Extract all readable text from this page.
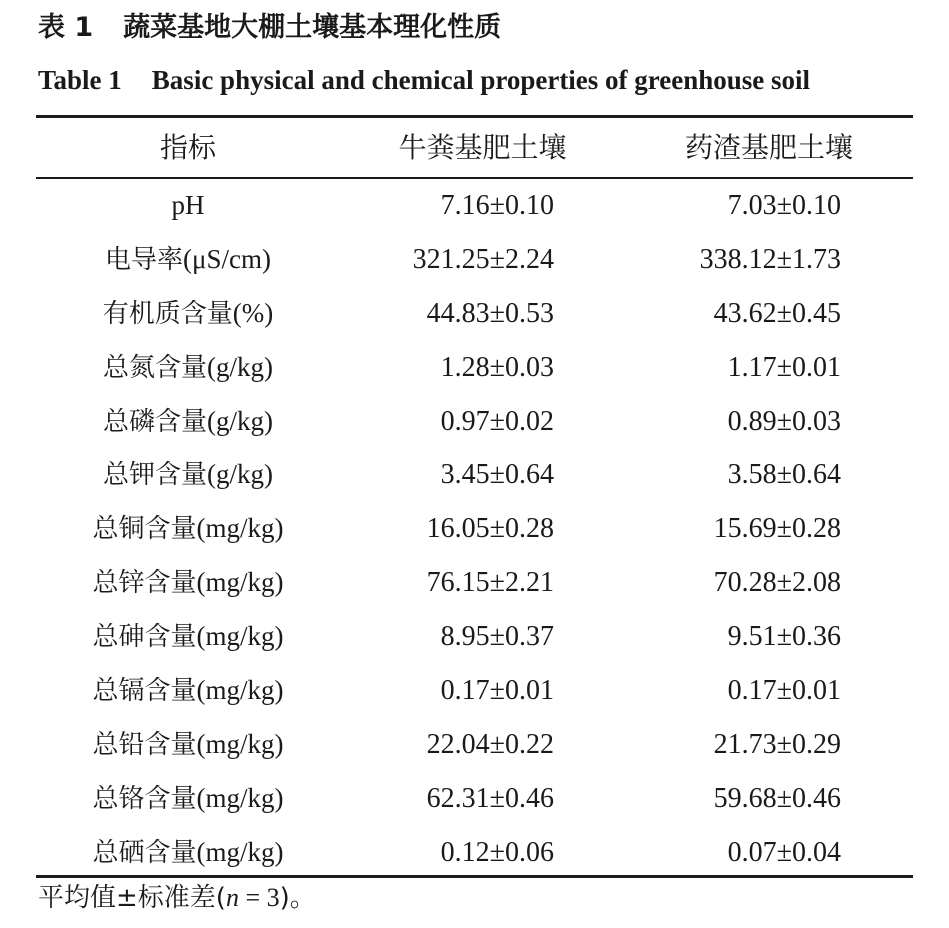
表 1 蔬菜基地大棚土壤基本理化性质
Table 1 Basic physical and chemical properties of greenhouse soil
指标	牛粪基肥土壤	药渣基肥土壤
pH	7.16±0.10	7.03±0.10
电导率(μS/cm)	321.25±2.24	338.12±1.73
有机质含量(%)	44.83±0.53	43.62±0.45
总氮含量(g/kg)	1.28±0.03	1.17±0.01
总磷含量(g/kg)	0.97±0.02	0.89±0.03
总钾含量(g/kg)	3.45±0.64	3.58±0.64
总铜含量(mg/kg)	16.05±0.28	15.69±0.28
总锌含量(mg/kg)	76.15±2.21	70.28±2.08
总砷含量(mg/kg)	8.95±0.37	9.51±0.36
总镉含量(mg/kg)	0.17±0.01	0.17±0.01
总铅含量(mg/kg)	22.04±0.22	21.73±0.29
总铬含量(mg/kg)	62.31±0.46	59.68±0.46
总硒含量(mg/kg)	0.12±0.06	0.07±0.04
平均值±标准差(n = 3)。
